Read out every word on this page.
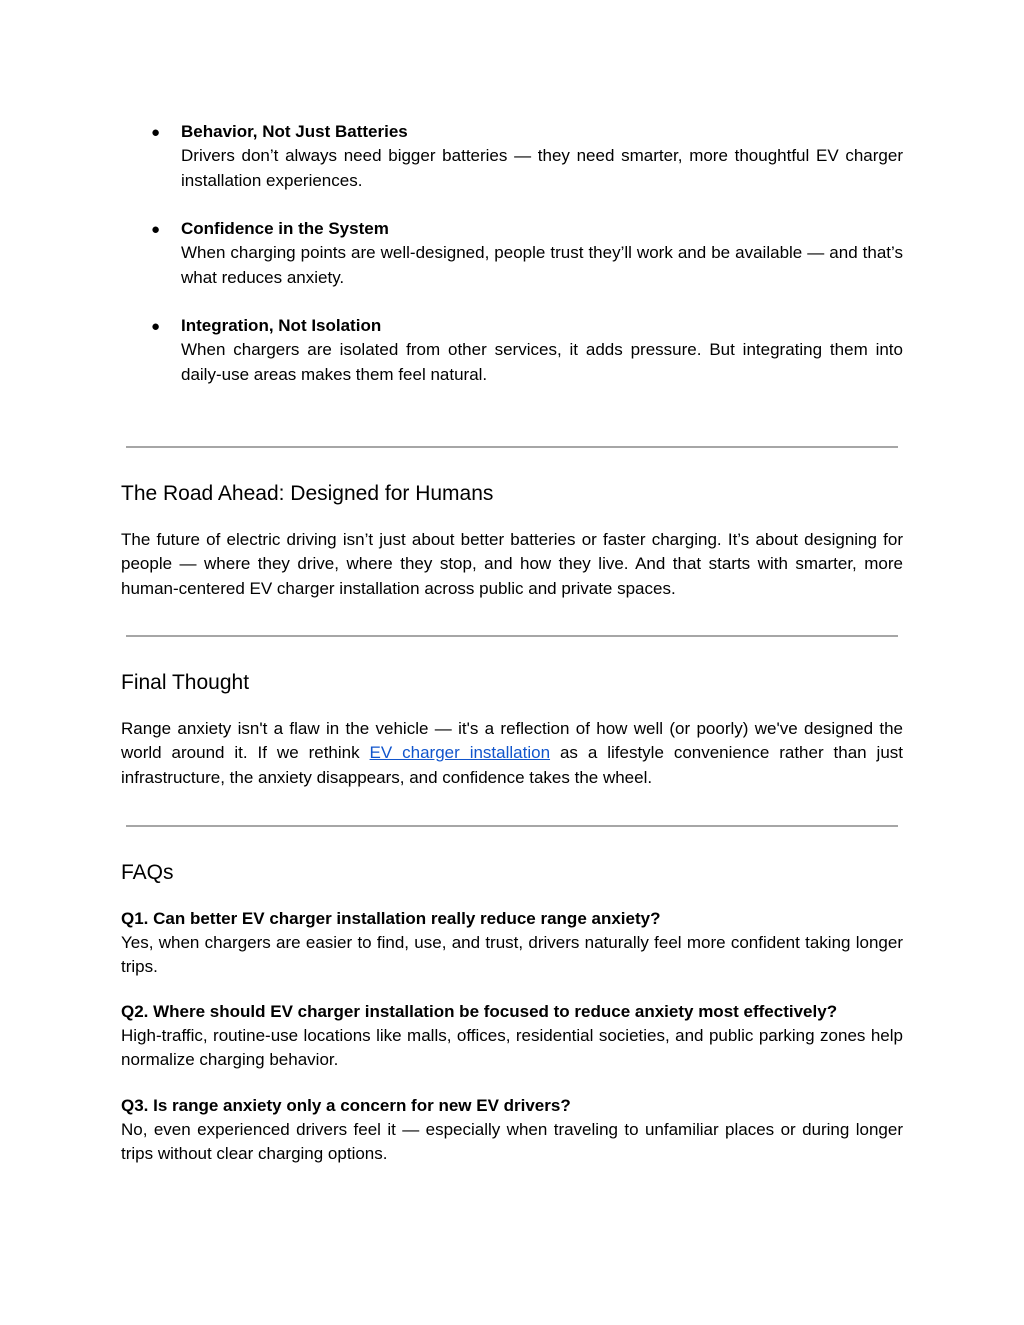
● Behavior, Not Just Batteries

Drivers don’t always need bigger batteries — they need smarter, more thoughtful EV charger installation experiences.

● Confidence in the System

When charging points are well-designed, people trust they’ll work and be available — and that’s what reduces anxiety.

● Integration, Not Isolation

When chargers are isolated from other services, it adds pressure. But integrating them into daily-use areas makes them feel natural.

The Road Ahead: Designed for Humans

The future of electric driving isn’t just about better batteries or faster charging. It’s about designing for people — where they drive, where they stop, and how they live. And that starts with smarter, more human-centered EV charger installation across public and private spaces.

Final Thought

Range anxiety isn't a flaw in the vehicle — it's a reflection of how well (or poorly) we've designed the world around it. If we rethink EV charger installation as a lifestyle convenience rather than just infrastructure, the anxiety disappears, and confidence takes the wheel.

FAQs

Q1. Can better EV charger installation really reduce range anxiety?

Yes, when chargers are easier to find, use, and trust, drivers naturally feel more confident taking longer trips.

Q2. Where should EV charger installation be focused to reduce anxiety most effectively?

High-traffic, routine-use locations like malls, offices, residential societies, and public parking zones help normalize charging behavior.

Q3. Is range anxiety only a concern for new EV drivers?

No, even experienced drivers feel it — especially when traveling to unfamiliar places or during longer trips without clear charging options.
